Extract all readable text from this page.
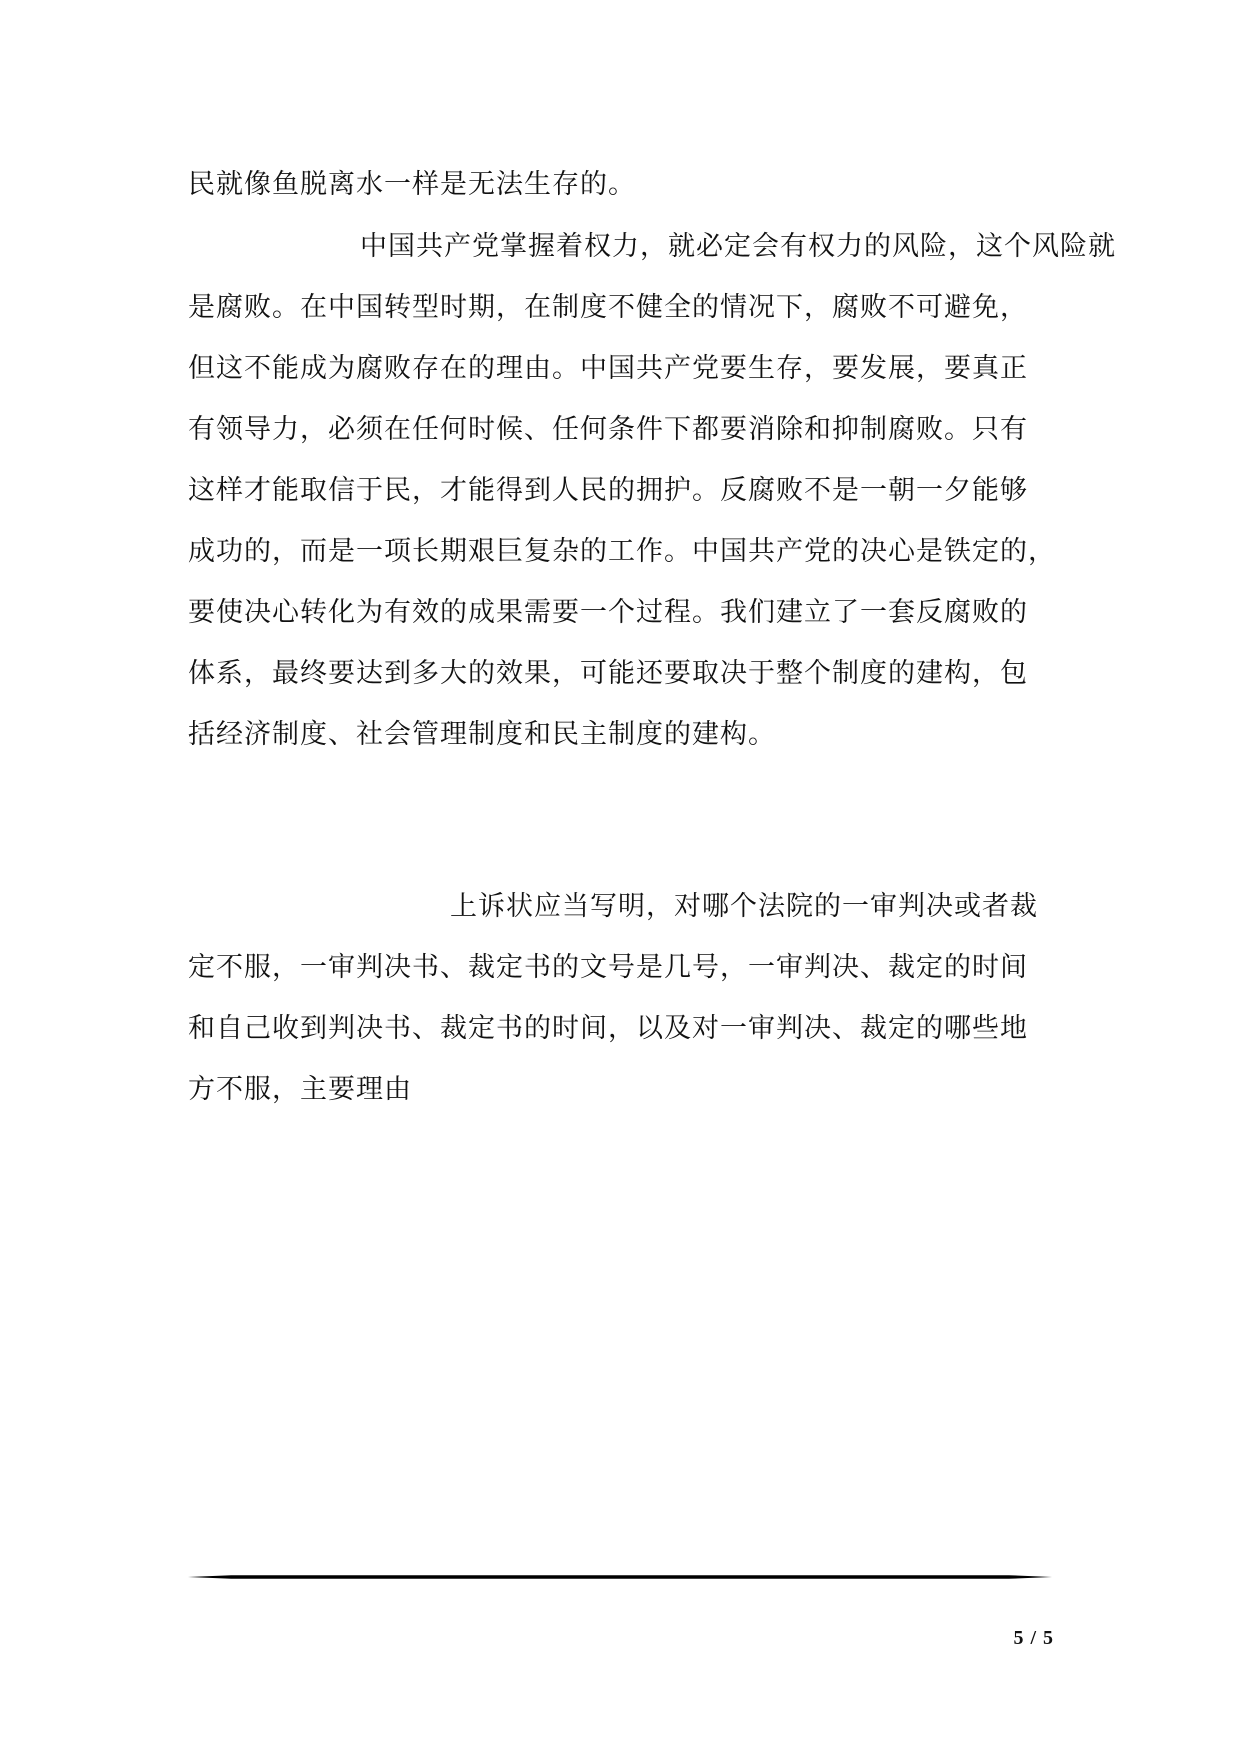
民就像鱼脱离水一样是无法生存的。
中国共产党掌握着权力，就必定会有权力的风险，这个风险就
是腐败。在中国转型时期，在制度不健全的情况下，腐败不可避免，
但这不能成为腐败存在的理由。中国共产党要生存，要发展，要真正
有领导力，必须在任何时候、任何条件下都要消除和抑制腐败。只有
这样才能取信于民，才能得到人民的拥护。反腐败不是一朝一夕能够
成功的，而是一项长期艰巨复杂的工作。中国共产党的决心是铁定的，
要使决心转化为有效的成果需要一个过程。我们建立了一套反腐败的
体系，最终要达到多大的效果，可能还要取决于整个制度的建构，包
括经济制度、社会管理制度和民主制度的建构。
上诉状应当写明，对哪个法院的一审判决或者裁
定不服，一审判决书、裁定书的文号是几号，一审判决、裁定的时间
和自己收到判决书、裁定书的时间，以及对一审判决、裁定的哪些地
方不服，主要理由
5 / 5
